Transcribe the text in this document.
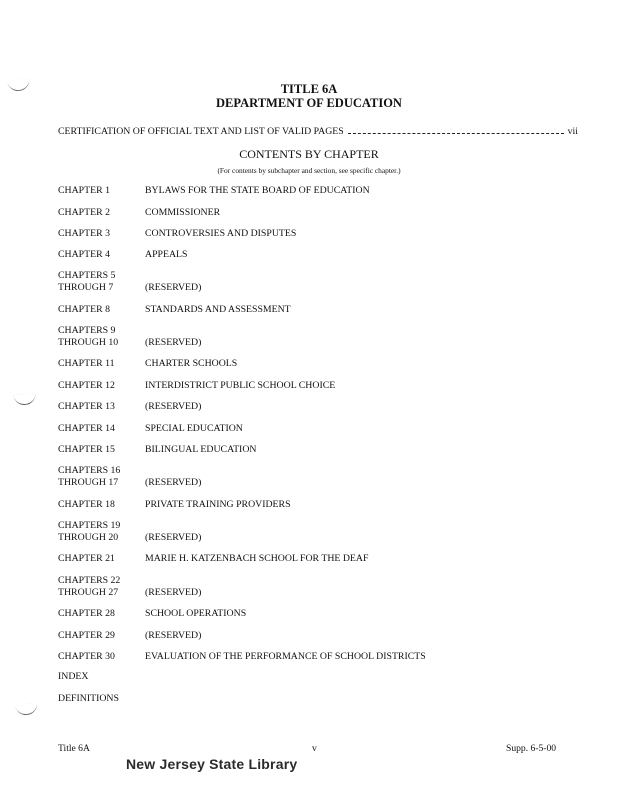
TITLE 6A
DEPARTMENT OF EDUCATION
CERTIFICATION OF OFFICIAL TEXT AND LIST OF VALID PAGES	vii
CONTENTS BY CHAPTER
(For contents by subchapter and section, see specific chapter.)
CHAPTER 1	BYLAWS FOR THE STATE BOARD OF EDUCATION
CHAPTER 2	COMMISSIONER
CHAPTER 3	CONTROVERSIES AND DISPUTES
CHAPTER 4	APPEALS
CHAPTERS 5
THROUGH 7	(RESERVED)
CHAPTER 8	STANDARDS AND ASSESSMENT
CHAPTERS 9
THROUGH 10	(RESERVED)
CHAPTER 11	CHARTER SCHOOLS
CHAPTER 12	INTERDISTRICT PUBLIC SCHOOL CHOICE
CHAPTER 13	(RESERVED)
CHAPTER 14	SPECIAL EDUCATION
CHAPTER 15	BILINGUAL EDUCATION
CHAPTERS 16
THROUGH 17	(RESERVED)
CHAPTER 18	PRIVATE TRAINING PROVIDERS
CHAPTERS 19
THROUGH 20	(RESERVED)
CHAPTER 21	MARIE H. KATZENBACH SCHOOL FOR THE DEAF
CHAPTERS 22
THROUGH 27	(RESERVED)
CHAPTER 28	SCHOOL OPERATIONS
CHAPTER 29	(RESERVED)
CHAPTER 30	EVALUATION OF THE PERFORMANCE OF SCHOOL DISTRICTS
INDEX
DEFINITIONS
Title 6A	v	Supp. 6-5-00
New Jersey State Library
